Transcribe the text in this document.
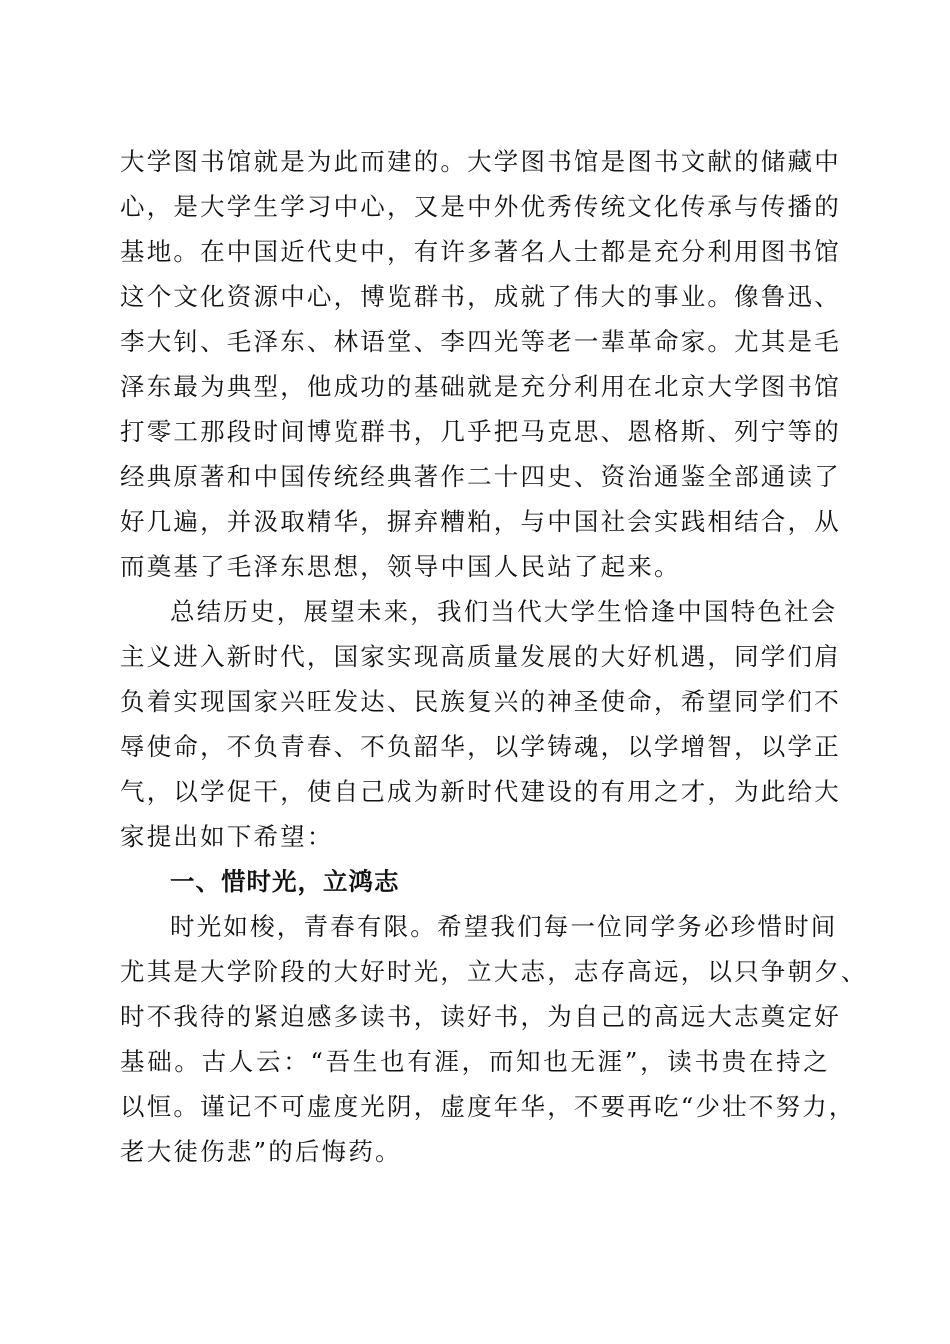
大学图书馆就是为此而建的。大学图书馆是图书文献的储藏中
心，是大学生学习中心，又是中外优秀传统文化传承与传播的
基地。在中国近代史中，有许多著名人士都是充分利用图书馆
这个文化资源中心，博览群书，成就了伟大的事业。像鲁迅、
李大钊、毛泽东、林语堂、李四光等老一辈革命家。尤其是毛
泽东最为典型，他成功的基础就是充分利用在北京大学图书馆
打零工那段时间博览群书，几乎把马克思、恩格斯、列宁等的
经典原著和中国传统经典著作二十四史、资治通鉴全部通读了
好几遍，并汲取精华，摒弃糟粕，与中国社会实践相结合，从
而奠基了毛泽东思想，领导中国人民站了起来。
总结历史，展望未来，我们当代大学生恰逢中国特色社会
主义进入新时代，国家实现高质量发展的大好机遇，同学们肩
负着实现国家兴旺发达、民族复兴的神圣使命，希望同学们不
辱使命，不负青春、不负韶华，以学铸魂，以学增智，以学正
气，以学促干，使自己成为新时代建设的有用之才，为此给大
家提出如下希望：
一、惜时光，立鸿志
时光如梭，青春有限。希望我们每一位同学务必珍惜时间
尤其是大学阶段的大好时光，立大志，志存高远，以只争朝夕、
时不我待的紧迫感多读书，读好书，为自己的高远大志奠定好
基础。古人云：“吾生也有涯，而知也无涯”，读书贵在持之
以恒。谨记不可虚度光阴，虚度年华，不要再吃“少壮不努力，
老大徒伤悲”的后悔药。
